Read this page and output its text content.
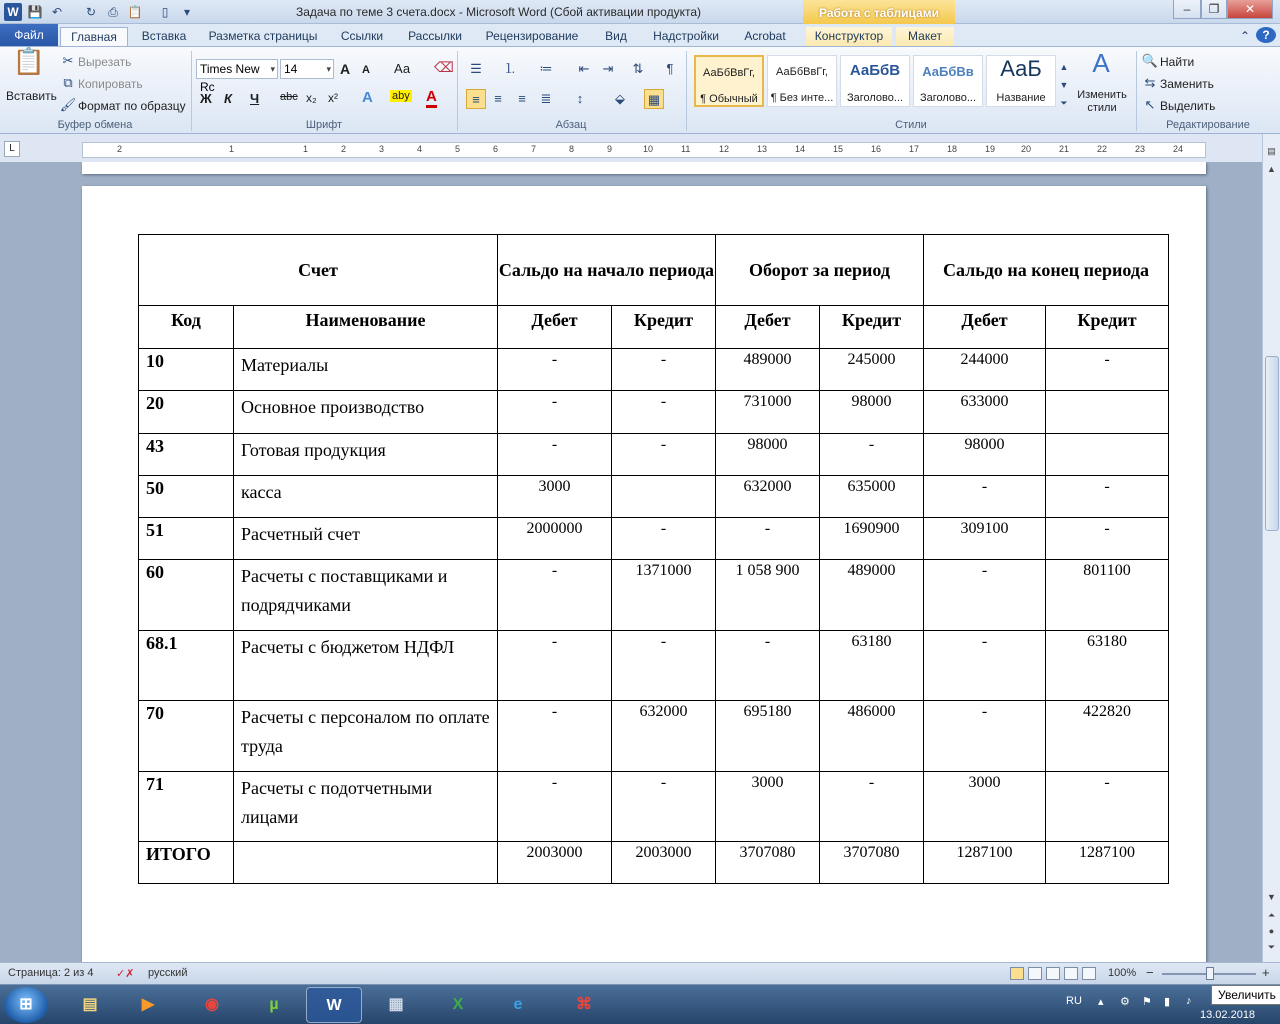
W 💾 ↶	↻	⎙ 📋	▯	▾	Задача по теме 3 счета.docx - Microsoft Word (Сбой активации продукта)	Работа с таблицами	–	❐	✕
Файл	Главная	Вставка	Разметка страницы	Ссылки	Рассылки	Рецензирование	Вид	Надстройки	Acrobat	Конструктор	Макет	⌃	?
📋
Вставить
✂ Вырезать
⧉ Копировать
🖌 Формат по образцу
Буфер обмена
Times New Rc
▾ 14	▾ A A Аа ⌫
Ж К Ч abc x₂ x² A aby A
Шрифт
☰	⒈ ≔	⇤	⇥	⇅	¶
≡	≡	≡	≣	↕	⬙	▦
Абзац
АаБбВвГг,
¶ Обычный
АаБбВвГг,
¶ Без инте...
АаБбВ
Заголово...
АаБбВв
Заголово...
АаБ
Название
▲
▼
⏷
A
Изменить стили
Стили
🔍 Найти
⇆ Заменить
↖ Выделить
Редактирование
L	2	1	1	2	3	4	5	6	7	8	9	10	11	12	13	14	15	16	17	18	19	20	21	22	23	24	▤
▲
▼
⏶
●
⏷
Счет		Сальдо на начало периода		Оборот за период		Сальдо на конец периода	
Код	Наименование	Дебет	Кредит	Дебет	Кредит	Дебет	Кредит
10	Материалы	-	-	489000	245000	244000	-
20	Основное производство	-	-	731000	98000	633000	
43	Готовая продукция	-	-	98000	-	98000	
50	касса	3000		632000	635000	-	-
51	Расчетный счет	2000000	-	-	1690900	309100	-
60	Расчеты с поставщиками и подрядчиками	-	1371000	1 058 900	489000	-	801100
68.1	Расчеты с бюджетом НДФЛ	-	-	-	63180	-	63180
70	Расчеты с персоналом по оплате труда	-	632000	695180	486000	-	422820
71	Расчеты с подотчетными лицами	-	-	3000	-	3000	-
ИТОГО		2003000	2003000	3707080	3707080	1287100	1287100
Страница: 2 из 4 ✓✗ русский	100% −	+
⊞	▤	▶	◉	µ	W	▦	X	e	⌘	RU ▴ ⚙ ⚑ ▮ ♪
13.02.2018
Увеличить
